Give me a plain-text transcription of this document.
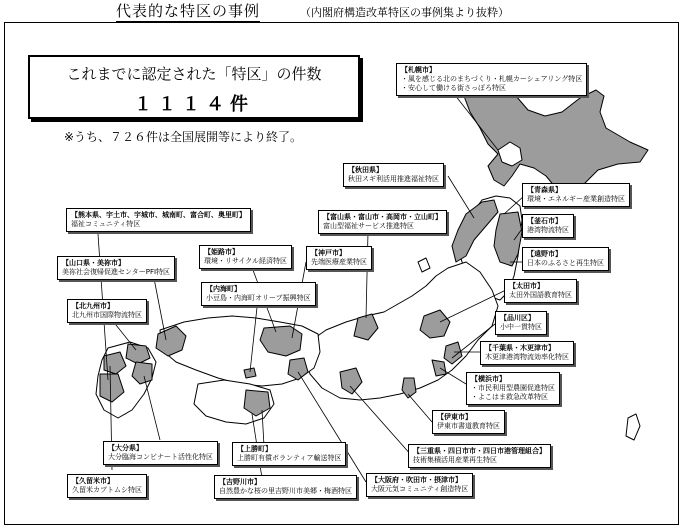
代表的な特区の事例	（内閣府構造改革特区の事例集より抜粋）
これまでに認定された「特区」の件数
１１１４件
※うち、７２６件は全国展開等により終了。
【札幌市】
・風を感じる北のまちづくり・札幌カーシェアリング特区
・安心して働ける街さっぽろ特区
【秋田県】
秋田スギ利活用推進福祉特区
【青森県】
環境・エネルギー産業創造特区
【釜石市】
港湾物流特区
【遠野市】
日本のふるさと再生特区
【太田市】
太田外国語教育特区
【品川区】
小中一貫特区
【千葉県・木更津市】
木更津港湾物流効率化特区
【横浜市】
・市民利用型農園促進特区
・よこはま救急改革特区
【伊東市】
伊東市書道教育特区
【三重県・四日市市・四日市港管理組合】
技術集積活用産業再生特区
【大阪府・吹田市・摂津市】
大阪元気コミュニティ創造特区
【吉野川市】
自然豊かな桜の里吉野川市美郷・梅酒特区
【上勝町】
上勝町有償ボランティア輸送特区
【大分県】
大分臨海コンビナート活性化特区
【久留米市】
久留米カブトムシ特区
【北九州市】
北九州市国際物流特区
【山口県・美祢市】
美祢社会復帰促進センターPFI特区
【熊本県、宇土市、宇城市、城南町、富合町、奥里町】
福祉コミュニティ特区
【姫路市】
環境・リサイクル経済特区
【内海町】
小豆島・内海町オリーブ振興特区
【神戸市】
先端医療産業特区
【富山県・富山市・高岡市・立山町】
富山型福祉サービス推進特区
